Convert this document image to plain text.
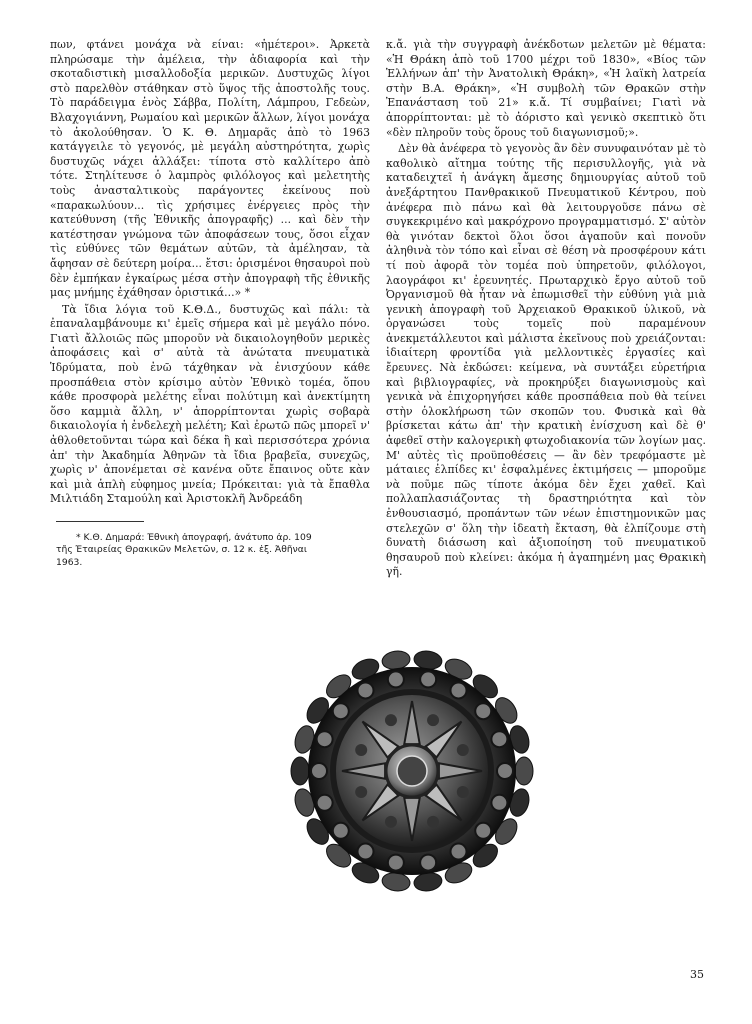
πων, φτάνει μονάχα νὰ είναι: «ἡμέτεροι». Ἀρκετὰ πληρώσαμε τὴν ἀμέλεια, τὴν ἀδιαφορία καὶ τὴν σκοταδιστικὴ μισαλλοδοξία μερικῶν. Δυστυχῶς λίγοι στὸ παρελθὸν στάθηκαν στὸ ὕψος τῆς ἀποστολῆς τους. Τὸ παράδειγμα ἑνὸς Σάββα, Πολίτη, Λάμπρου, Γεδεὼν, Βλαχογιάννη, Ρωμαίου καὶ μερικῶν ἄλλων, λίγοι μονάχα τὸ ἀκολούθησαν. Ὁ Κ. Θ. Δημαρᾶς ἀπὸ τὸ 1963 κατάγγειλε τὸ γεγονός, μὲ μεγάλη αὐστηρότητα, χωρὶς δυστυχῶς νάχει ἀλλάξει: τίποτα στὸ καλλίτερο ἀπὸ τότε. Στηλίτευσε ὁ λαμπρὸς φιλόλογος καὶ μελετητὴς τοὺς ἀνασταλτικοὺς παράγοντες ἐκείνους ποὺ «παρακωλύουν... τὶς χρήσιμες ἐνέργειες πρὸς τὴν κατεύθυνση (τῆς Ἐθνικῆς ἀπογραφῆς) ... καὶ δὲν τὴν κατέστησαν γνώμονα τῶν ἀποφάσεων τους, ὅσοι εἶχαν τὶς εὐθύνες τῶν θεμάτων αὐτῶν, τὰ ἀμέλησαν, τὰ ἄφησαν σὲ δεύτερη μοίρα... ἔτσι: ὁρισμένοι θησαυροὶ ποὺ δὲν ἐμπήκαν ἐγκαίρως μέσα στὴν ἀπογραφὴ τῆς ἐθνικῆς μας μνήμης ἐχάθησαν ὁριστικά...» *

Τὰ ἴδια λόγια τοῦ Κ.Θ.Δ., δυστυχῶς καὶ πάλι: τὰ ἐπαναλαμβάνουμε κι' ἐμεῖς σήμερα καὶ μὲ μεγάλο πόνο. Γιατὶ ἄλλοιῶς πῶς μποροῦν νὰ δικαιολογηθοῦν μερικὲς ἀποφάσεις καὶ σ' αὐτὰ τὰ ἀνώτατα πνευματικὰ Ἱδρύματα, ποὺ ἐνῶ τάχθηκαν νὰ ἐνισχύουν κάθε προσπάθεια στὸν κρίσιμο αὐτὸν Ἐθνικὸ τομέα, ὅπου κάθε προσφορὰ μελέτης εἶναι πολύτιμη καὶ ἀνεκτίμητη ὅσο καμμιὰ ἄλλη, ν' ἀπορρίπτονται χωρὶς σοβαρὰ δικαιολογία ἡ ἐνδελεχὴ μελέτη; Καὶ ἐρωτῶ πῶς μπορεῖ ν' ἀθλοθετοῦνται τώρα καὶ δέκα ἢ καὶ περισσότερα χρόνια ἀπ' τὴν Ἀκαδημία Ἀθηνῶν τὰ ἴδια βραβεῖα, συνεχῶς, χωρὶς ν' ἀπονέμεται σὲ κανένα οὔτε ἔπαινος οὔτε κὰν καὶ μιὰ ἁπλὴ εὐφημος μνεία; Πρόκειται: γιὰ τὰ ἔπαθλα Μιλτιάδη Σταμούλη καὶ Ἀριστοκλῆ Ἀνδρεάδη

* Κ.Θ. Δημαρά: Ἐθνικὴ ἀπογραφή, ἀνάτυπο ἀρ. 109
τῆς Ἐταιρείας Θρακικῶν Μελετῶν, σ. 12 κ. ἑξ. Ἀθῆναι
1963.

κ.ἄ. γιὰ τὴν συγγραφὴ ἀνέκδοτων μελετῶν μὲ θέματα: «Ἡ Θράκη ἀπὸ τοῦ 1700 μέχρι τοῦ 1830», «Βίος τῶν Ἑλλήνων ἀπ' τὴν Ἀνατολικὴ Θράκη», «Ἡ λαϊκὴ λατρεία στὴν Β.Α. Θράκη», «Ἡ συμβολὴ τῶν Θρακῶν στὴν Ἐπανάσταση τοῦ 21» κ.ἄ. Τί συμβαίνει; Γιατὶ νὰ ἀπορρίπτονται: μὲ τὸ ἀόριστο καὶ γενικὸ σκεπτικὸ ὅτι «δὲν πληροῦν τοὺς ὅρους τοῦ διαγωνισμοῦ;».

Δὲν θὰ ἀνέφερα τὸ γεγονὸς ἂν δὲν συνυφαινόταν μὲ τὸ καθολικὸ αἴτημα τούτης τῆς περισυλλογῆς, γιὰ νὰ καταδειχτεῖ ἡ ἀνάγκη ἄμεσης δημιουργίας αὐτοῦ τοῦ ἀνεξάρτητου Πανθρακικοῦ Πνευματικοῦ Κέντρου, ποὺ ἀνέφερα πιὸ πάνω καὶ θὰ λειτουργοῦσε πάνω σὲ συγκεκριμένο καὶ μακρόχρονο προγραμματισμό. Σ' αὐτὸν θὰ γινόταν δεκτοὶ ὅλοι ὅσοι ἀγαποῦν καὶ πονοῦν ἀληθινὰ τὸν τόπο καὶ εἶναι σὲ θέση νὰ προσφέρουν κάτι τί ποὺ ἀφορᾶ τὸν τομέα ποὺ ὑπηρετοῦν, φιλόλογοι, λαογράφοι κι' ἐρευνητές. Πρωταρχικὸ ἔργο αὐτοῦ τοῦ Ὀργανισμοῦ θὰ ἦταν νὰ ἐπωμισθεῖ τὴν εὐθύνη γιὰ μιὰ γενικὴ ἀπογραφὴ τοῦ Ἀρχειακοῦ Θρακικοῦ ὑλικοῦ, νὰ ὀργανώσει τοὺς τομεῖς ποὺ παραμένουν ἀνεκμετάλλευτοι καὶ μάλιστα ἐκεῖνους ποὺ χρειάζονται: ἰδιαίτερη φροντίδα γιὰ μελλοντικὲς ἐργασίες καὶ ἔρευνες. Νὰ ἐκδώσει: κείμενα, νὰ συντάξει εὑρετήρια καὶ βιβλιογραφίες, νὰ προκηρύξει διαγωνισμοὺς καὶ γενικὰ νὰ ἐπιχορηγήσει κάθε προσπάθεια ποὺ θὰ τείνει στὴν ὁλοκλήρωση τῶν σκοπῶν του. Φυσικὰ καὶ θὰ βρίσκεται κάτω ἀπ' τὴν κρατικὴ ἐνίσχυση καὶ δὲ θ' ἀφεθεῖ στὴν καλογερικὴ φτωχοδιακονία τῶν λογίων μας. Μ' αὐτὲς τὶς προϋποθέσεις — ἂν δὲν τρεφόμαστε μὲ μάταιες ἐλπίδες κι' ἐσφαλμένες ἐκτιμήσεις — μποροῦμε νὰ ποῦμε πῶς τίποτε ἀκόμα δὲν ἔχει χαθεῖ. Καὶ πολλαπλασιάζοντας τὴ δραστηριότητα καὶ τὸν ἐνθουσιασμό, προπάντων τῶν νέων ἐπιστημονικῶν μας στελεχῶν σ' ὅλη τὴν ἰδεατὴ ἔκταση, θὰ ἐλπίζουμε στὴ δυνατὴ διάσωση καὶ ἀξιοποίηση τοῦ πνευματικοῦ θησαυροῦ ποὺ κλείνει: ἀκόμα ἡ ἀγαπημένη μας Θρακικὴ γῆ.

35
